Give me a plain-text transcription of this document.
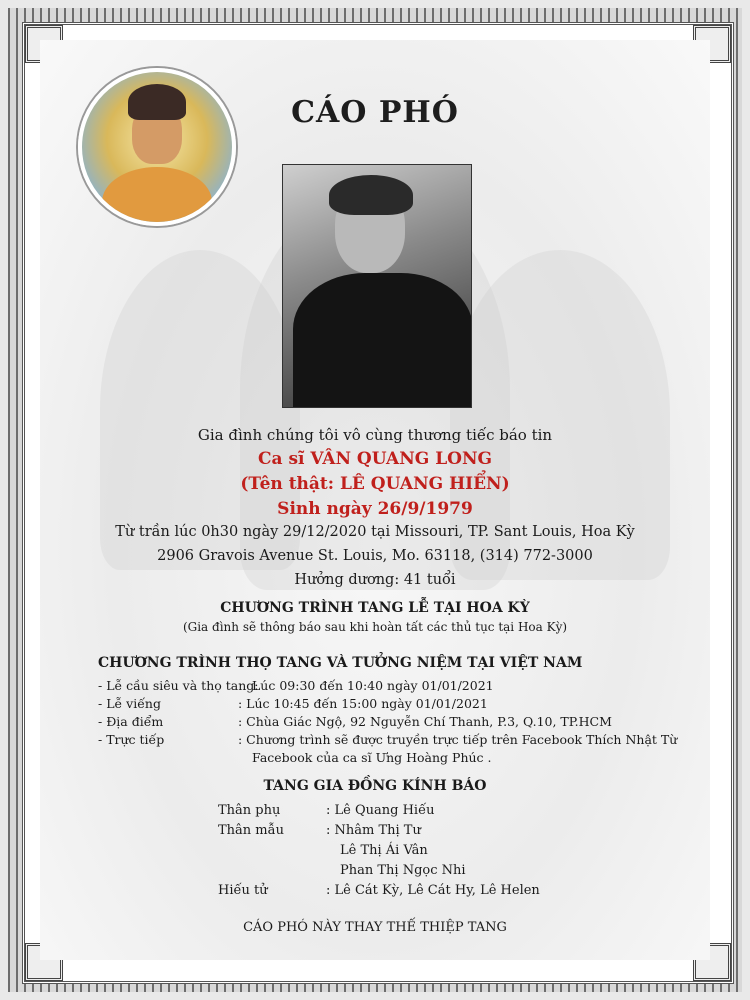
CÁO PHÓ
Gia đình chúng tôi vô cùng thương tiếc báo tin
Ca sĩ VÂN QUANG LONG
(Tên thật: LÊ QUANG HIỂN)
Sinh ngày 26/9/1979
Từ trần lúc 0h30 ngày 29/12/2020 tại Missouri, TP. Sant Louis, Hoa Kỳ
2906 Gravois Avenue St. Louis, Mo. 63118, (314) 772-3000
Hưởng dương: 41 tuổi
CHƯƠNG TRÌNH TANG LỄ TẠI HOA KỲ
(Gia đình sẽ thông báo sau khi hoàn tất các thủ tục tại Hoa Kỳ)
CHƯƠNG TRÌNH THỌ TANG VÀ TƯỞNG NIỆM TẠI VIỆT NAM
- Lễ cầu siêu và thọ tang:
Lúc 09:30 đến 10:40 ngày 01/01/2021
- Lễ viếng	: Lúc 10:45 đến 15:00 ngày 01/01/2021
- Địa điểm	: Chùa Giác Ngộ, 92 Nguyễn Chí Thanh, P.3, Q.10, TP.HCM
- Trực tiếp	: Chương trình sẽ được truyền trực tiếp trên Facebook Thích Nhật Từ
Facebook của ca sĩ Ưng Hoàng Phúc .
TANG GIA ĐỒNG KÍNH BÁO
Thân phụ	: Lê Quang Hiếu
Thân mẫu	: Nhâm Thị Tư
Lê Thị Ái Vân
Phan Thị Ngọc Nhi
Hiếu tử	: Lê Cát Kỳ, Lê Cát Hy, Lê Helen
CÁO PHÓ NÀY THAY THẾ THIỆP TANG
